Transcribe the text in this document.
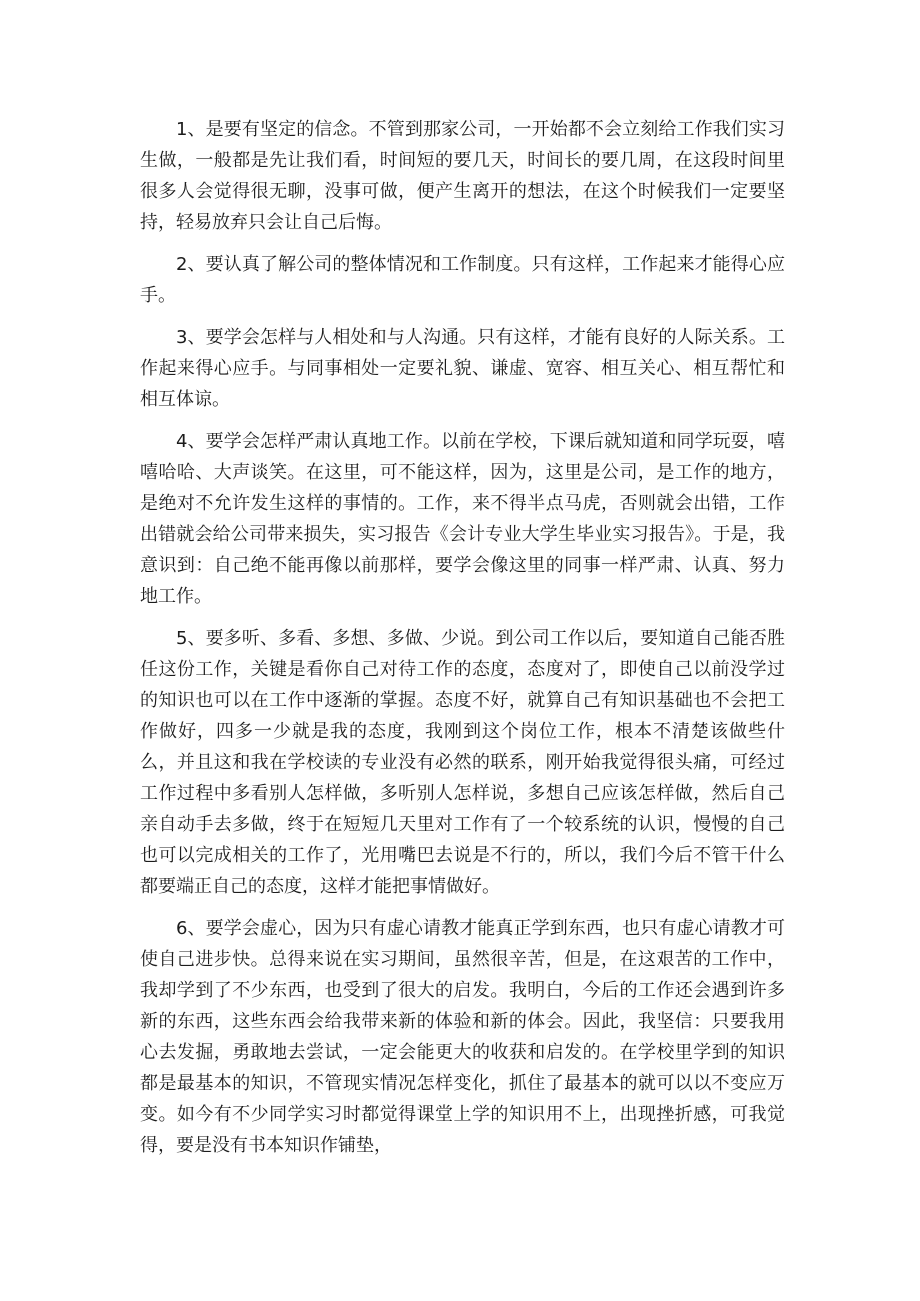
1、是要有坚定的信念。不管到那家公司，一开始都不会立刻给工作我们实习生做，一般都是先让我们看，时间短的要几天，时间长的要几周，在这段时间里很多人会觉得很无聊，没事可做，便产生离开的想法，在这个时候我们一定要坚持，轻易放弃只会让自己后悔。

2、要认真了解公司的整体情况和工作制度。只有这样，工作起来才能得心应手。

3、要学会怎样与人相处和与人沟通。只有这样，才能有良好的人际关系。工作起来得心应手。与同事相处一定要礼貌、谦虚、宽容、相互关心、相互帮忙和相互体谅。

4、要学会怎样严肃认真地工作。以前在学校，下课后就知道和同学玩耍，嘻嘻哈哈、大声谈笑。在这里，可不能这样，因为，这里是公司，是工作的地方，是绝对不允许发生这样的事情的。工作，来不得半点马虎，否则就会出错，工作出错就会给公司带来损失，实习报告《会计专业大学生毕业实习报告》。于是，我意识到：自己绝不能再像以前那样，要学会像这里的同事一样严肃、认真、努力地工作。

5、要多听、多看、多想、多做、少说。到公司工作以后，要知道自己能否胜任这份工作，关键是看你自己对待工作的态度，态度对了，即使自己以前没学过的知识也可以在工作中逐渐的掌握。态度不好，就算自己有知识基础也不会把工作做好，四多一少就是我的态度，我刚到这个岗位工作，根本不清楚该做些什么，并且这和我在学校读的专业没有必然的联系，刚开始我觉得很头痛，可经过工作过程中多看别人怎样做，多听别人怎样说，多想自己应该怎样做，然后自己亲自动手去多做，终于在短短几天里对工作有了一个较系统的认识，慢慢的自己也可以完成相关的工作了，光用嘴巴去说是不行的，所以，我们今后不管干什么都要端正自己的态度，这样才能把事情做好。

6、要学会虚心，因为只有虚心请教才能真正学到东西，也只有虚心请教才可使自己进步快。总得来说在实习期间，虽然很辛苦，但是，在这艰苦的工作中，我却学到了不少东西，也受到了很大的启发。我明白，今后的工作还会遇到许多新的东西，这些东西会给我带来新的体验和新的体会。因此，我坚信：只要我用心去发掘，勇敢地去尝试，一定会能更大的收获和启发的。在学校里学到的知识都是最基本的知识，不管现实情况怎样变化，抓住了最基本的就可以以不变应万变。如今有不少同学实习时都觉得课堂上学的知识用不上，出现挫折感，可我觉得，要是没有书本知识作铺垫，
